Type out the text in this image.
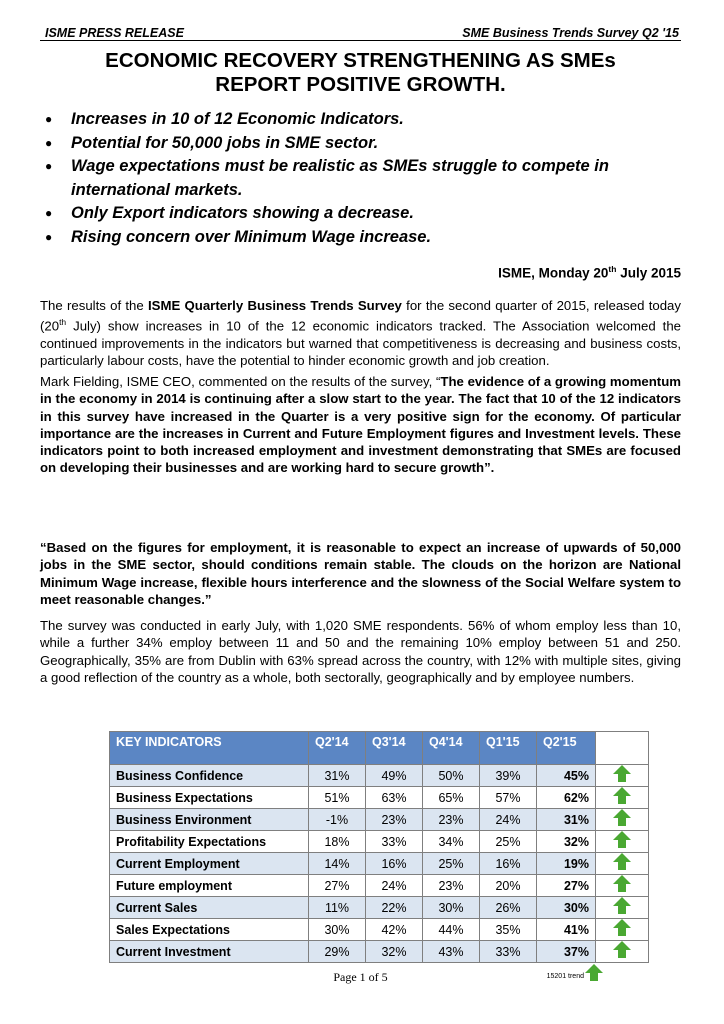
ISME PRESS RELEASE	SME Business Trends Survey Q2 '15
ECONOMIC RECOVERY STRENGTHENING AS SMEs
REPORT POSITIVE GROWTH.
● Increases in 10 of 12 Economic Indicators.
● Potential for 50,000 jobs in SME sector.
● Wage expectations must be realistic as SMEs struggle to compete in international markets.
● Only Export indicators showing a decrease.
● Rising concern over Minimum Wage increase.
ISME, Monday 20th July 2015

The results of the ISME Quarterly Business Trends Survey for the second quarter of 2015, released today (20th July) show increases in 10 of the 12 economic indicators tracked. The Association welcomed the continued improvements in the indicators but warned that competitiveness is decreasing and business costs, particularly labour costs, have the potential to hinder economic growth and job creation.

Mark Fielding, ISME CEO, commented on the results of the survey, “The evidence of a growing momentum in the economy in 2014 is continuing after a slow start to the year. The fact that 10 of the 12 indicators in this survey have increased in the Quarter is a very positive sign for the economy. Of particular importance are the increases in Current and Future Employment figures and Investment levels. These indicators point to both increased employment and investment demonstrating that SMEs are focused on developing their businesses and are working hard to secure growth”.

“Based on the figures for employment, it is reasonable to expect an increase of upwards of 50,000 jobs in the SME sector, should conditions remain stable. The clouds on the horizon are National Minimum Wage increase, flexible hours interference and the slowness of the Social Welfare system to meet reasonable changes.”

The survey was conducted in early July, with 1,020 SME respondents. 56% of whom employ less than 10, while a further 34% employ between 11 and 50 and the remaining 10% employ between 51 and 250. Geographically, 35% are from Dublin with 63% spread across the country, with 12% with multiple sites, giving a good reflection of the country as a whole, both sectorally, geographically and by employee numbers.

KEY INDICATORS	Q2'14	Q3'14	Q4'14	Q1'15	Q2'15	
Business Confidence	31%	49%	50%	39%	45%	

Business Expectations	51%	63%	65%	57%	62%	

Business Environment	-1%	23%	23%	24%	31%	

Profitability Expectations	18%	33%	34%	25%	32%	

Current Employment	14%	16%	25%	16%	19%	

Future employment	27%	24%	23%	20%	27%	

Current Sales	11%	22%	30%	26%	30%	

Sales Expectations	30%	42%	44%	35%	41%	

Current Investment	29%	32%	43%	33%	37%	
Page 1 of 5	15201 trend
